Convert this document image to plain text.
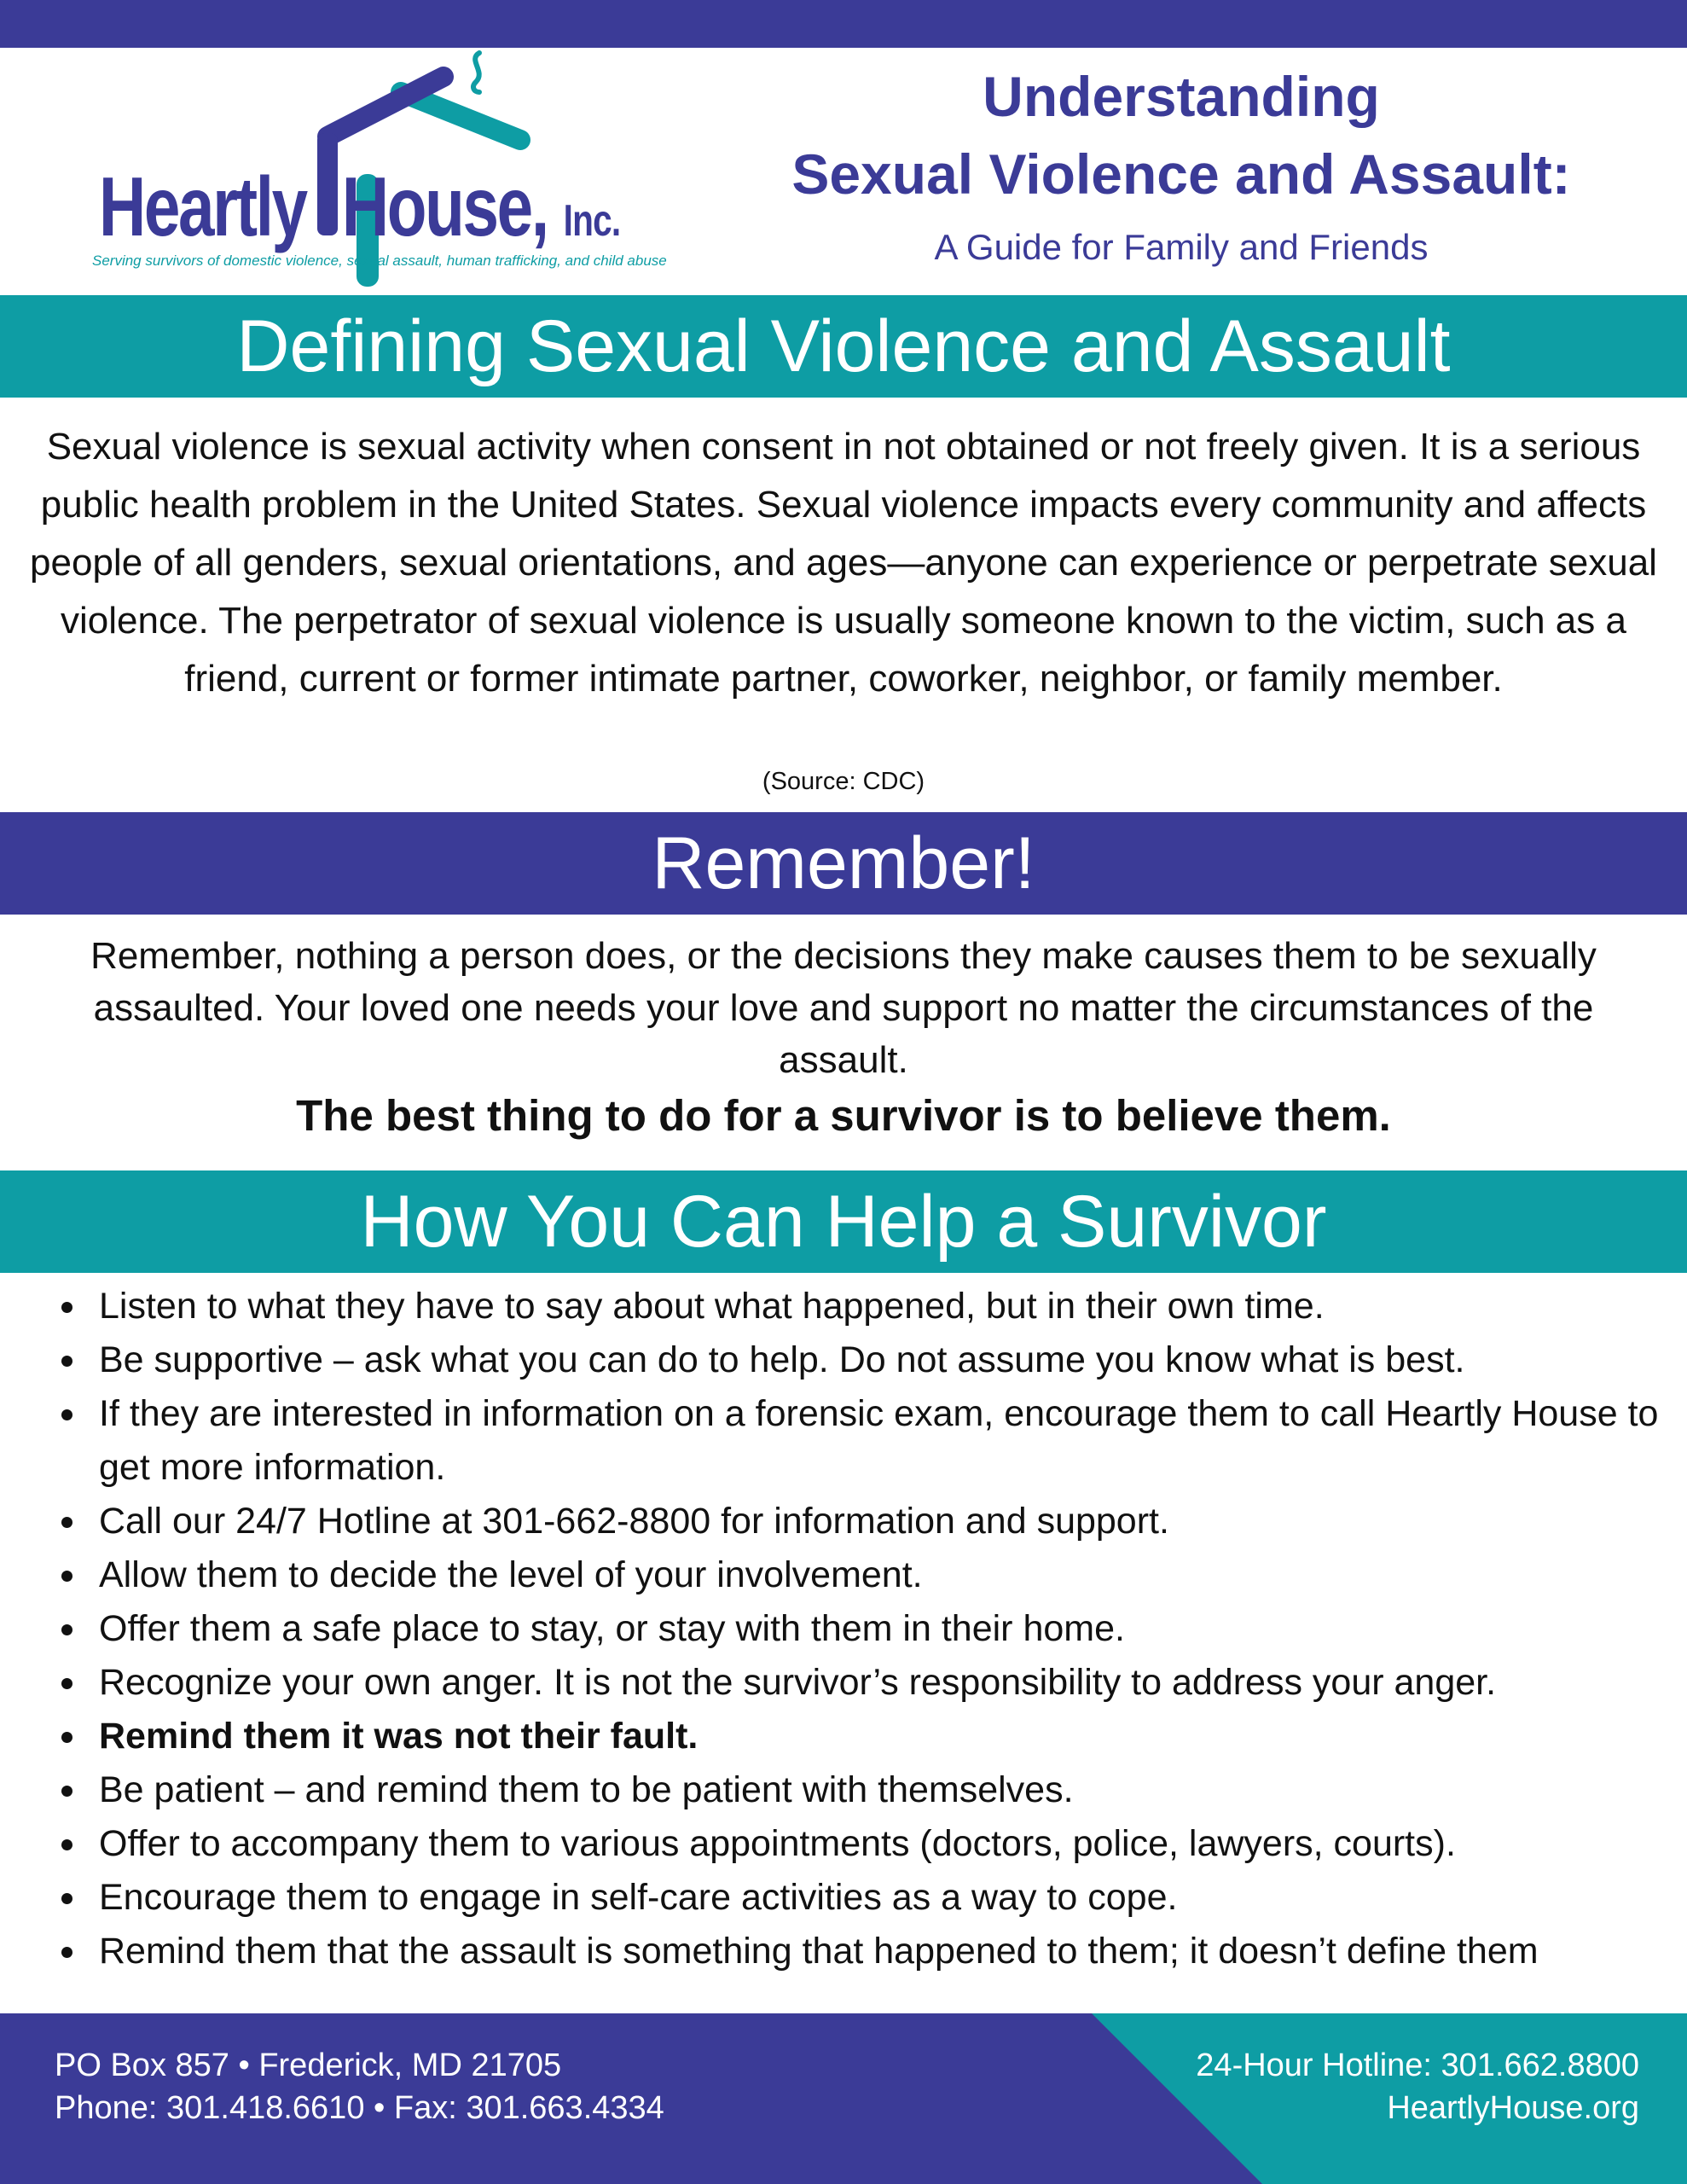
Heartly House, Inc.
Serving survivors of domestic violence, sexual assault, human trafficking, and child abuse
Understanding
Sexual Violence and Assault:
A Guide for Family and Friends
Defining Sexual Violence and Assault

Sexual violence is sexual activity when consent in not obtained or not freely given. It is a serious public health problem in the United States. Sexual violence impacts every community and affects people of all genders, sexual orientations, and ages—anyone can experience or perpetrate sexual violence. The perpetrator of sexual violence is usually someone known to the victim, such as a friend, current or former intimate partner, coworker, neighbor, or family member.

(Source: CDC)
Remember!

Remember, nothing a person does, or the decisions they make causes them to be sexually assaulted. Your loved one needs your love and support no matter the circumstances of the assault.

The best thing to do for a survivor is to believe them.
How You Can Help a Survivor
Listen to what they have to say about what happened, but in their own time.
Be supportive – ask what you can do to help. Do not assume you know what is best.
If they are interested in information on a forensic exam, encourage them to call Heartly House to get more information.
Call our 24/7 Hotline at 301-662-8800 for information and support.
Allow them to decide the level of your involvement.
Offer them a safe place to stay, or stay with them in their home.
Recognize your own anger. It is not the survivor’s responsibility to address your anger.
Remind them it was not their fault.
Be patient – and remind them to be patient with themselves.
Offer to accompany them to various appointments (doctors, police, lawyers, courts).
Encourage them to engage in self-care activities as a way to cope.
Remind them that the assault is something that happened to them; it doesn’t define them
PO Box 857 • Frederick, MD 21705
Phone: 301.418.6610 • Fax: 301.663.4334
24-Hour Hotline: 301.662.8800
HeartlyHouse.org
